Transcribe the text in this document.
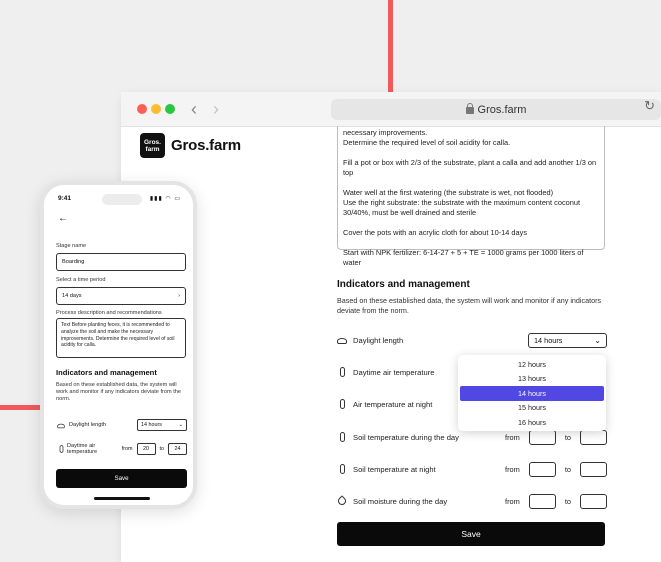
‹ ›	Gros.farm	↻
Gros. farm Gros.farm

necessary improvements.
Determine the required level of soil acidity for calla.

Fill a pot or box with 2/3 of the substrate, plant a calla and add another 1/3 on top

Water well at the first watering (the substrate is wet, not flooded)
Use the right substrate: the substrate with the maximum content coconut 30/40%, must be well drained and sterile

Cover the pots with an acrylic cloth for about 10-14 days

Start with NPK fertilizer: 6-14-27 + 5 + TE = 1000 grams per 1000 liters of water

Indicators and management
Based on these established data, the system will work and monitor if any indicators deviate from the norm.
Daylight length	14 hours	⌄
Daytime air temperature
Air temperature at night
Soil temperature during the day	from	to
Soil temperature at night	from	to
Soil moisture during the day	from	to
12 hours
13 hours
14 hours
15 hours
16 hours
Save
9:41	▮▮▮ ◠ ▭
←
Stage name
Boarding
Select a time period
14 days	›
Process description and recommendations
Text Before planting feces, it is recommended to analyze the soil and make the necessary improvements. Determine the required level of soil acidity for calla.
Indicators and management
Based on these established data, the system will work and monitor if any indicators deviate from the norm.
Daylight length	14 hours	⌄
Daytime air temperature	from	20	to	24
Save
